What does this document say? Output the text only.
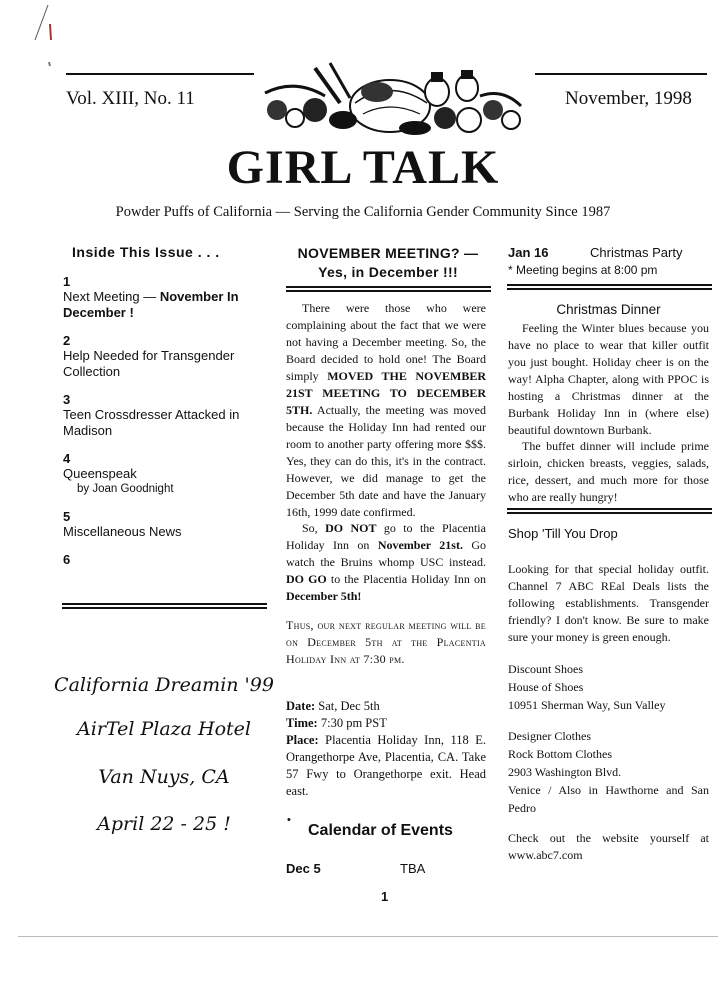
Vol. XIII, No. 11	November, 1998
GIRL TALK
Powder Puffs of California — Serving the California Gender Community Since 1987
Inside This Issue . . .
1
Next Meeting — November In December !
2
Help Needed for Transgender Collection
3
Teen Crossdresser Attacked in Madison
4
Queenspeak
by Joan Goodnight
5
Miscellaneous News
6
California Dreamin '99
AirTel Plaza Hotel
Van Nuys, CA
April 22 - 25 !
NOVEMBER MEETING? —
Yes, in December !!!
There were those who were complaining about the fact that we were not having a December meeting. So, the Board decided to hold one! The Board simply MOVED THE NOVEMBER 21ST MEETING TO DECEMBER 5TH. Actually, the meeting was moved because the Holiday Inn had rented our room to another party offering more $$$. Yes, they can do this, it's in the contract. However, we did manage to get the December 5th date and have the January 16th, 1999 date confirmed.
So, DO NOT go to the Placentia Holiday Inn on November 21st. Go watch the Bruins whomp USC instead. DO GO to the Placentia Holiday Inn on December 5th!
Thus, our next regular meeting will be on December 5th at the Placentia Holiday Inn at 7:30 pm.
Date: Sat, Dec 5th
Time: 7:30 pm PST
Place: Placentia Holiday Inn, 118 E. Orangethorpe Ave, Placentia, CA. Take 57 Fwy to Orangethorpe exit. Head east.
•
Calendar of Events
Dec 5	TBA
1
Jan 16	Christmas Party
* Meeting begins at 8:00 pm
Christmas Dinner
Feeling the Winter blues because you have no place to wear that killer outfit you just bought. Holiday cheer is on the way! Alpha Chapter, along with PPOC is hosting a Christmas dinner at the Burbank Holiday Inn in (where else) beautiful downtown Burbank.
The buffet dinner will include prime sirloin, chicken breasts, veggies, salads, rice, dessert, and much more for those who are really hungry!
Shop 'Till You Drop
Looking for that special holiday outfit. Channel 7 ABC REal Deals lists the following establishments. Transgender friendly? I don't know. Be sure to make sure your money is green enough.
Discount Shoes
House of Shoes
10951 Sherman Way, Sun Valley
Designer Clothes
Rock Bottom Clothes
2903 Washington Blvd.
Venice / Also in Hawthorne and San Pedro
Check out the website yourself at www.abc7.com
